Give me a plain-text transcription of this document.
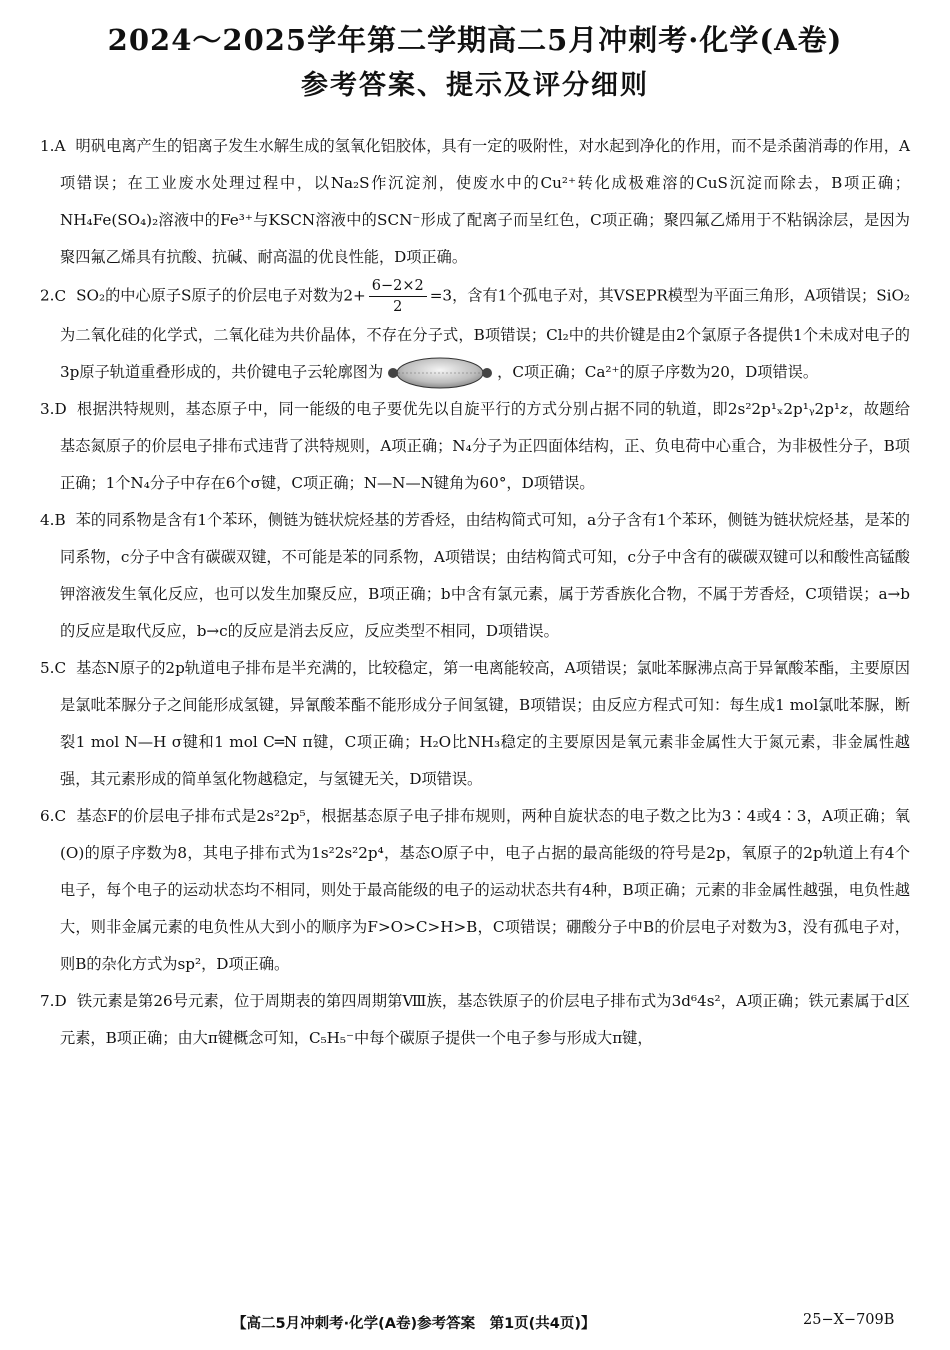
2024～2025学年第二学期高二5月冲刺考·化学(A卷)
参考答案、提示及评分细则

1.A 明矾电离产生的铝离子发生水解生成的氢氧化铝胶体，具有一定的吸附性，对水起到净化的作用，而不是杀菌消毒的作用，A项错误；在工业废水处理过程中，以Na₂S作沉淀剂，使废水中的Cu²⁺转化成极难溶的CuS沉淀而除去，B项正确；NH₄Fe(SO₄)₂溶液中的Fe³⁺与KSCN溶液中的SCN⁻形成了配离子而呈红色，C项正确；聚四氟乙烯用于不粘锅涂层，是因为聚四氟乙烯具有抗酸、抗碱、耐高温的优良性能，D项正确。

2.C SO₂的中心原子S原子的价层电子对数为$2+ \frac{6-2\times 2}{2} =3$，含有1个孤电子对，其VSEPR模型为平面三角形，A项错误；SiO₂为二氧化硅的化学式，二氧化硅为共价晶体，不存在分子式，B项错误；Cl₂中的共价键是由2个氯原子各提供1个未成对电子的3p原子轨道重叠形成的，共价键电子云轮廓图为	，C项正确；Ca²⁺的原子序数为20，D项错误。

3.D 根据洪特规则，基态原子中，同一能级的电子要优先以自旋平行的方式分别占据不同的轨道，即2s²2p¹ₓ2p¹ᵧ2p¹𝑧，故题给基态氮原子的价层电子排布式违背了洪特规则，A项正确；N₄分子为正四面体结构，正、负电荷中心重合，为非极性分子，B项正确；1个N₄分子中存在6个σ键，C项正确；N—N—N键角为60°，D项错误。

4.B 苯的同系物是含有1个苯环，侧链为链状烷烃基的芳香烃，由结构简式可知，a分子含有1个苯环，侧链为链状烷烃基，是苯的同系物，c分子中含有碳碳双键，不可能是苯的同系物，A项错误；由结构简式可知，c分子中含有的碳碳双键可以和酸性高锰酸钾溶液发生氧化反应，也可以发生加聚反应，B项正确；b中含有氯元素，属于芳香族化合物，不属于芳香烃，C项错误；a→b的反应是取代反应，b→c的反应是消去反应，反应类型不相同，D项错误。

5.C 基态N原子的2p轨道电子排布是半充满的，比较稳定，第一电离能较高，A项错误；氯吡苯脲沸点高于异氰酸苯酯，主要原因是氯吡苯脲分子之间能形成氢键，异氰酸苯酯不能形成分子间氢键，B项错误；由反应方程式可知：每生成1 mol氯吡苯脲，断裂1 mol N—H σ键和1 mol C═N π键，C项正确；H₂O比NH₃稳定的主要原因是氧元素非金属性大于氮元素，非金属性越强，其元素形成的简单氢化物越稳定，与氢键无关，D项错误。

6.C 基态F的价层电子排布式是2s²2p⁵，根据基态原子电子排布规则，两种自旋状态的电子数之比为3∶4或4∶3，A项正确；氧(O)的原子序数为8，其电子排布式为1s²2s²2p⁴，基态O原子中，电子占据的最高能级的符号是2p，氧原子的2p轨道上有4个电子，每个电子的运动状态均不相同，则处于最高能级的电子的运动状态共有4种，B项正确；元素的非金属性越强，电负性越大，则非金属元素的电负性从大到小的顺序为F>O>C>H>B，C项错误；硼酸分子中B的价层电子对数为3，没有孤电子对，则B的杂化方式为sp²，D项正确。

7.D 铁元素是第26号元素，位于周期表的第四周期第Ⅷ族，基态铁原子的价层电子排布式为3d⁶4s²，A项正确；铁元素属于d区元素，B项正确；由大π键概念可知，C₅H₅⁻中每个碳原子提供一个电子参与形成大π键，

【高二5月冲刺考·化学(A卷)参考答案　第1页(共4页)】	25−X−709B
